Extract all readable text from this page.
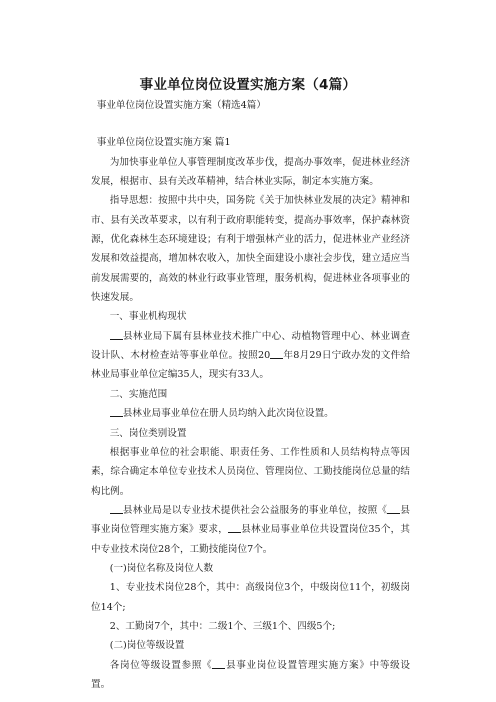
事业单位岗位设置实施方案（4篇）

事业单位岗位设置实施方案（精选4篇）

事业单位岗位设置实施方案 篇1

为加快事业单位人事管理制度改革步伐，提高办事效率，促进林业经济发展，根据市、县有关改革精神，结合林业实际，制定本实施方案。

指导思想：按照中共中央，国务院《关于加快林业发展的决定》精神和市、县有关改革要求，以有利于政府职能转变，提高办事效率，保护森林资源，优化森林生态环境建设；有利于增强林产业的活力，促进林业产业经济发展和效益提高，增加林农收入，加快全面建设小康社会步伐，建立适应当前发展需要的，高效的林业行政事业管理，服务机构，促进林业各项事业的快速发展。

一、事业机构现状

县林业局下属有县林业技术推广中心、动植物管理中心、林业调查设计队、木材检查站等事业单位。按照20 年8月29日宁政办发的文件给林业局事业单位定编35人，现实有33人。

二、实施范围

县林业局事业单位在册人员均纳入此次岗位设置。

三、岗位类别设置

根据事业单位的社会职能、职责任务、工作性质和人员结构特点等因素，综合确定本单位专业技术人员岗位、管理岗位、工勤技能岗位总量的结构比例。

县林业局是以专业技术提供社会公益服务的事业单位，按照《 县事业岗位管理实施方案》要求， 县林业局事业单位共设置岗位35个，其中专业技术岗位28个，工勤技能岗位7个。

(一)岗位名称及岗位人数

1、专业技术岗位28个，其中：高级岗位3个，中级岗位11个，初级岗位14个;

2、工勤岗7个，其中：二级1个、三级1个、四级5个;

(二)岗位等级设置

各岗位等级设置参照《 县事业岗位设置管理实施方案》中等级设置。
